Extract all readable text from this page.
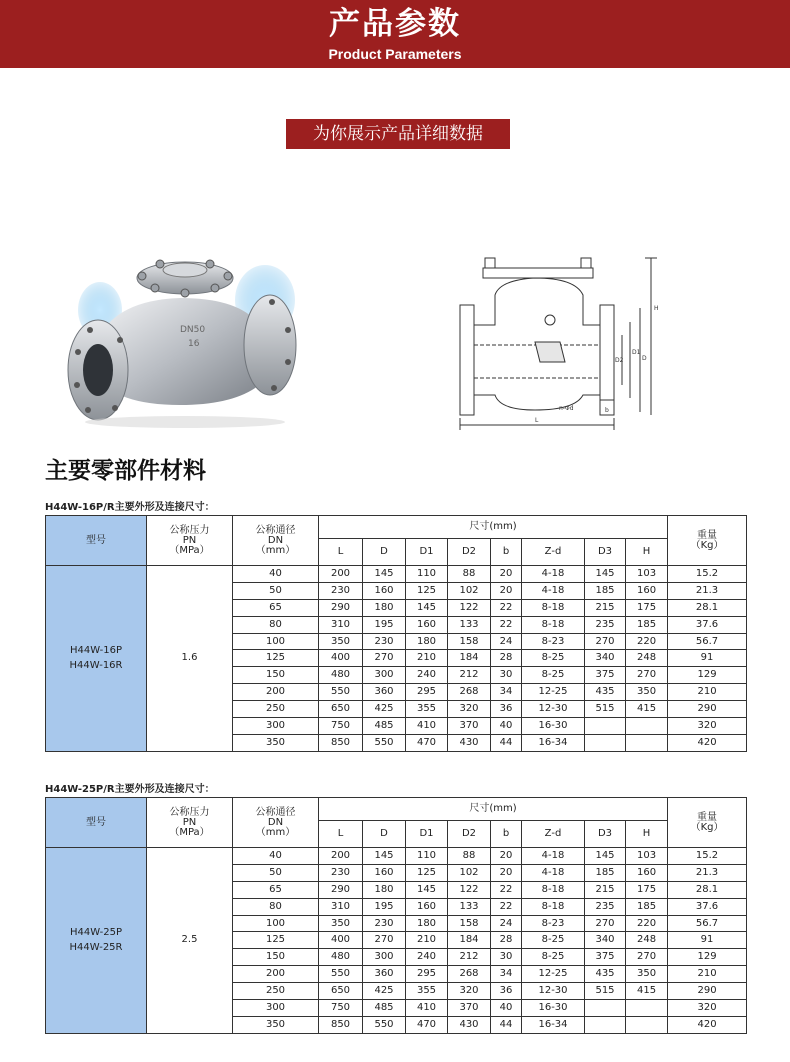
产品参数
Product Parameters
为你展示产品详细数据
DN50
16
H
D1
D2	D
n-Φd	b
L
主要零部件材料
H44W-16P/R主要外形及连接尺寸：
型号	公称压力
PN
（MPa）	公称通径
DN
（mm）	尺寸(mm)								重量
（Kg）
			L	D	D1	D2	b	Z-d	D3	H	
H44W-16P
H44W-16R	1.6	40	200	145	110	88	20	4-18	145	103	15.2
		50	230	160	125	102	20	4-18	185	160	21.3
		65	290	180	145	122	22	8-18	215	175	28.1
		80	310	195	160	133	22	8-18	235	185	37.6
		100	350	230	180	158	24	8-23	270	220	56.7
		125	400	270	210	184	28	8-25	340	248	91
		150	480	300	240	212	30	8-25	375	270	129
		200	550	360	295	268	34	12-25	435	350	210
		250	650	425	355	320	36	12-30	515	415	290
		300	750	485	410	370	40	16-30			320
		350	850	550	470	430	44	16-34			420
H44W-25P/R主要外形及连接尺寸：
型号	公称压力
PN
（MPa）	公称通径
DN
（mm）	尺寸(mm)								重量
（Kg）
			L	D	D1	D2	b	Z-d	D3	H	
H44W-25P
H44W-25R	2.5	40	200	145	110	88	20	4-18	145	103	15.2
		50	230	160	125	102	20	4-18	185	160	21.3
		65	290	180	145	122	22	8-18	215	175	28.1
		80	310	195	160	133	22	8-18	235	185	37.6
		100	350	230	180	158	24	8-23	270	220	56.7
		125	400	270	210	184	28	8-25	340	248	91
		150	480	300	240	212	30	8-25	375	270	129
		200	550	360	295	268	34	12-25	435	350	210
		250	650	425	355	320	36	12-30	515	415	290
		300	750	485	410	370	40	16-30			320
		350	850	550	470	430	44	16-34			420
